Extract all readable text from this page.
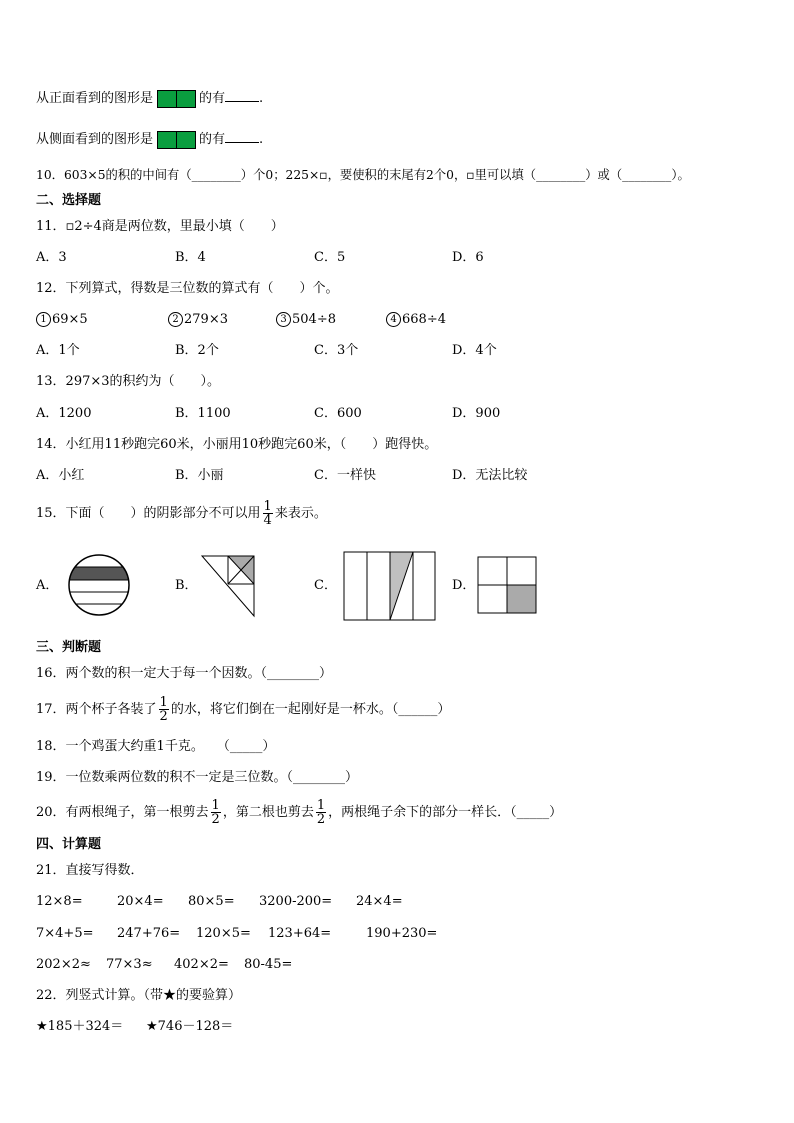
从正面看到的图形是	的有	.
从侧面看到的图形是	的有	.
10．603×5的积的中间有（________）个0；225×▫，要使积的末尾有2个0，▫里可以填（________）或（________）。
二、选择题
11．▫2÷4商是两位数，里最小填（　　）
A．3	B．4	C．5	D．6
12．下列算式，得数是三位数的算式有（　　）个。
1 69×5	2 279×3	3 504÷8	4 668÷4
A．1个	B．2个	C．3个	D．4个
13．297×3的积约为（　　）。
A．1200	B．1100	C．600	D．900
14．小红用11秒跑完60米，小丽用10秒跑完60米，（　　）跑得快。
A．小红	B．小丽	C．一样快	D．无法比较
15．下面（　　）的阴影部分不可以用 $\frac{1}{4}$ 来表示。
A．	B．	C．	D．
三、判断题
16．两个数的积一定大于每一个因数。（________）
17．两个杯子各装了 $\frac{1}{2}$ 的水，将它们倒在一起刚好是一杯水。（______）
18．一个鸡蛋大约重1千克。　　（_____）
19．一位数乘两位数的积不一定是三位数。（________）
20．有两根绳子，第一根剪去 $\frac{1}{2}$ ，第二根也剪去 $\frac{1}{2}$ ，两根绳子余下的部分一样长．（_____）
四、计算题
21．直接写得数．
12×8=	20×4= 80×5= 3200-200= 24×4=
7×4+5= 247+76= 120×5= 123+64=	190+230=
202×2≈ 77×3≈ 402×2= 80-45=
22．列竖式计算。（带★的要验算）
★185＋324＝ ★746－128＝
